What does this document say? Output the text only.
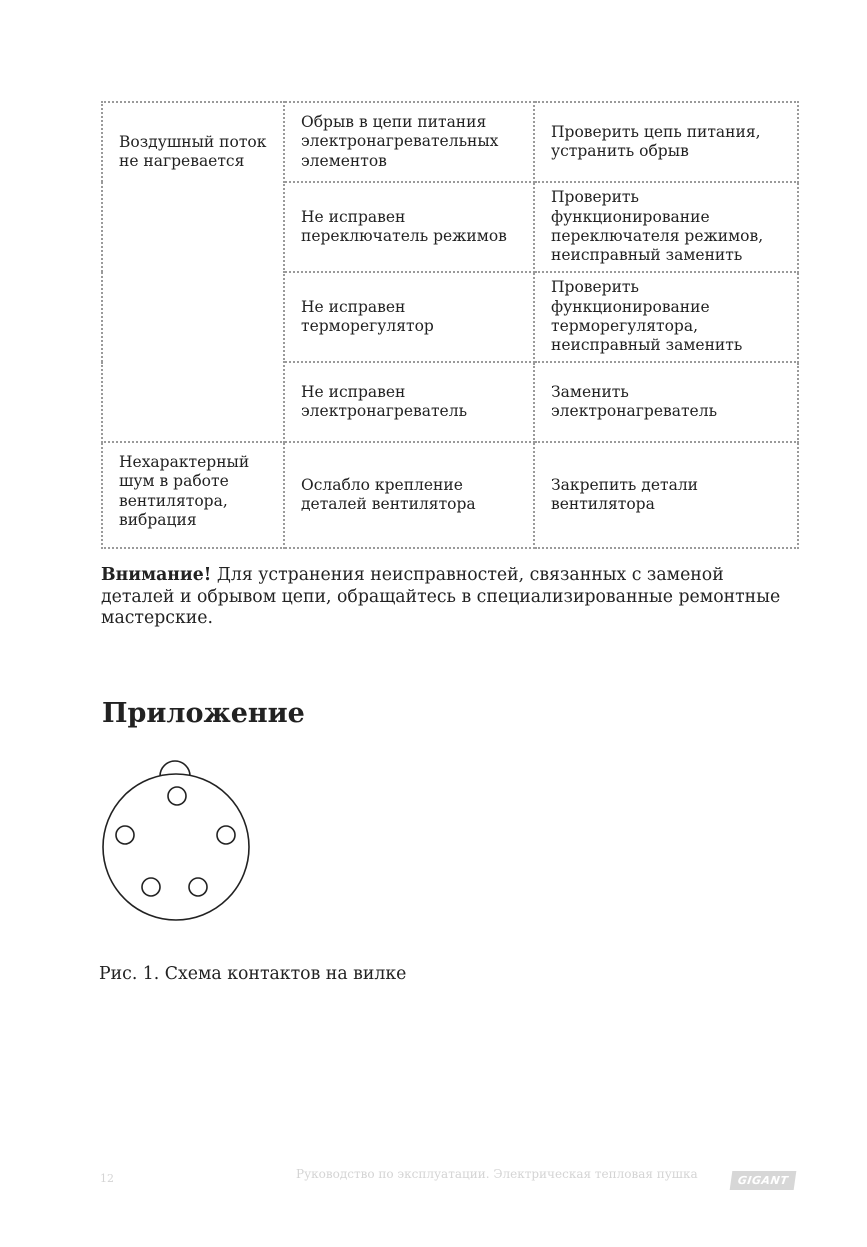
Воздушный поток не нагревается	Обрыв в цепи питания электронагревательных элементов	Проверить цепь питания, устранить обрыв
	Не исправен переключатель режимов	Проверить функционирование переключателя режимов, неисправный заменить
	Не исправен терморегулятор	Проверить функционирование терморегулятора, неисправный заменить
	Не исправен электронагреватель	Заменить электронагреватель
Нехарактерный шум в работе вентилятора, вибрация	Ослабло крепление деталей вентилятора	Закрепить детали вентилятора

Внимание! Для устранения неисправностей, связанных с заменой деталей и обрывом цепи, обращайтесь в специализированные ремонтные мастерские.

Приложение
Рис. 1. Схема контактов на вилке
12	Руководство по эксплуатации. Электрическая тепловая пушка	GIGANT
